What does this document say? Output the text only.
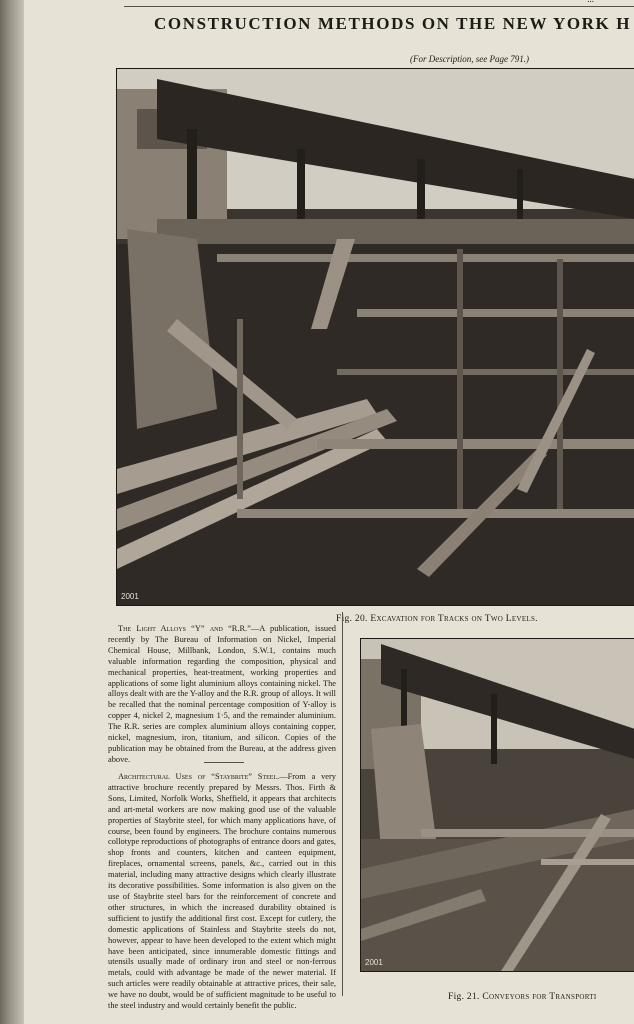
CONSTRUCTION METHODS ON THE NEW YORK H
(For Description, see Page 791.)
2001
Fig. 20. Excavation for Tracks on Two Levels.

The Light Alloys “Y” and “R.R.”—A publication, issued recently by The Bureau of Information on Nickel, Imperial Chemical House, Millbank, London, S.W.1, contains much valuable information regarding the composition, physical and mechanical properties, heat-treatment, working properties and applications of some light aluminium alloys containing nickel. The alloys dealt with are the Y-alloy and the R.R. group of alloys. It will be recalled that the nominal percentage composition of Y-alloy is copper 4, nickel 2, magnesium 1·5, and the remainder aluminium. The R.R. series are complex aluminium alloys containing copper, nickel, magnesium, iron, titanium, and silicon. Copies of the publication may be obtained from the Bureau, at the address given above.

Architectural Uses of “Staybrite” Steel.—From a very attractive brochure recently prepared by Messrs. Thos. Firth & Sons, Limited, Norfolk Works, Sheffield, it appears that architects and art-metal workers are now making good use of the valuable properties of Staybrite steel, for which many applications have, of course, been found by engineers. The brochure contains numerous collotype reproductions of photographs of entrance doors and gates, shop fronts and counters, kitchen and canteen equipment, fireplaces, ornamental screens, panels, &c., carried out in this material, including many attractive designs which clearly illustrate its decorative possibilities. Some information is also given on the use of Staybrite steel bars for the reinforcement of concrete and other structures, in which the increased durability obtained is sufficient to justify the additional first cost. Except for cutlery, the domestic applications of Stainless and Staybrite steels do not, however, appear to have been developed to the extent which might have been anticipated, since innumerable domestic fittings and utensils usually made of ordinary iron and steel or non-ferrous metals, could with advantage be made of the newer material. If such articles were readily obtainable at attractive prices, their sale, we have no doubt, would be of sufficient magnitude to be useful to the steel industry and would certainly benefit the public.

2001
Fig. 21. Conveyors for Transporti
